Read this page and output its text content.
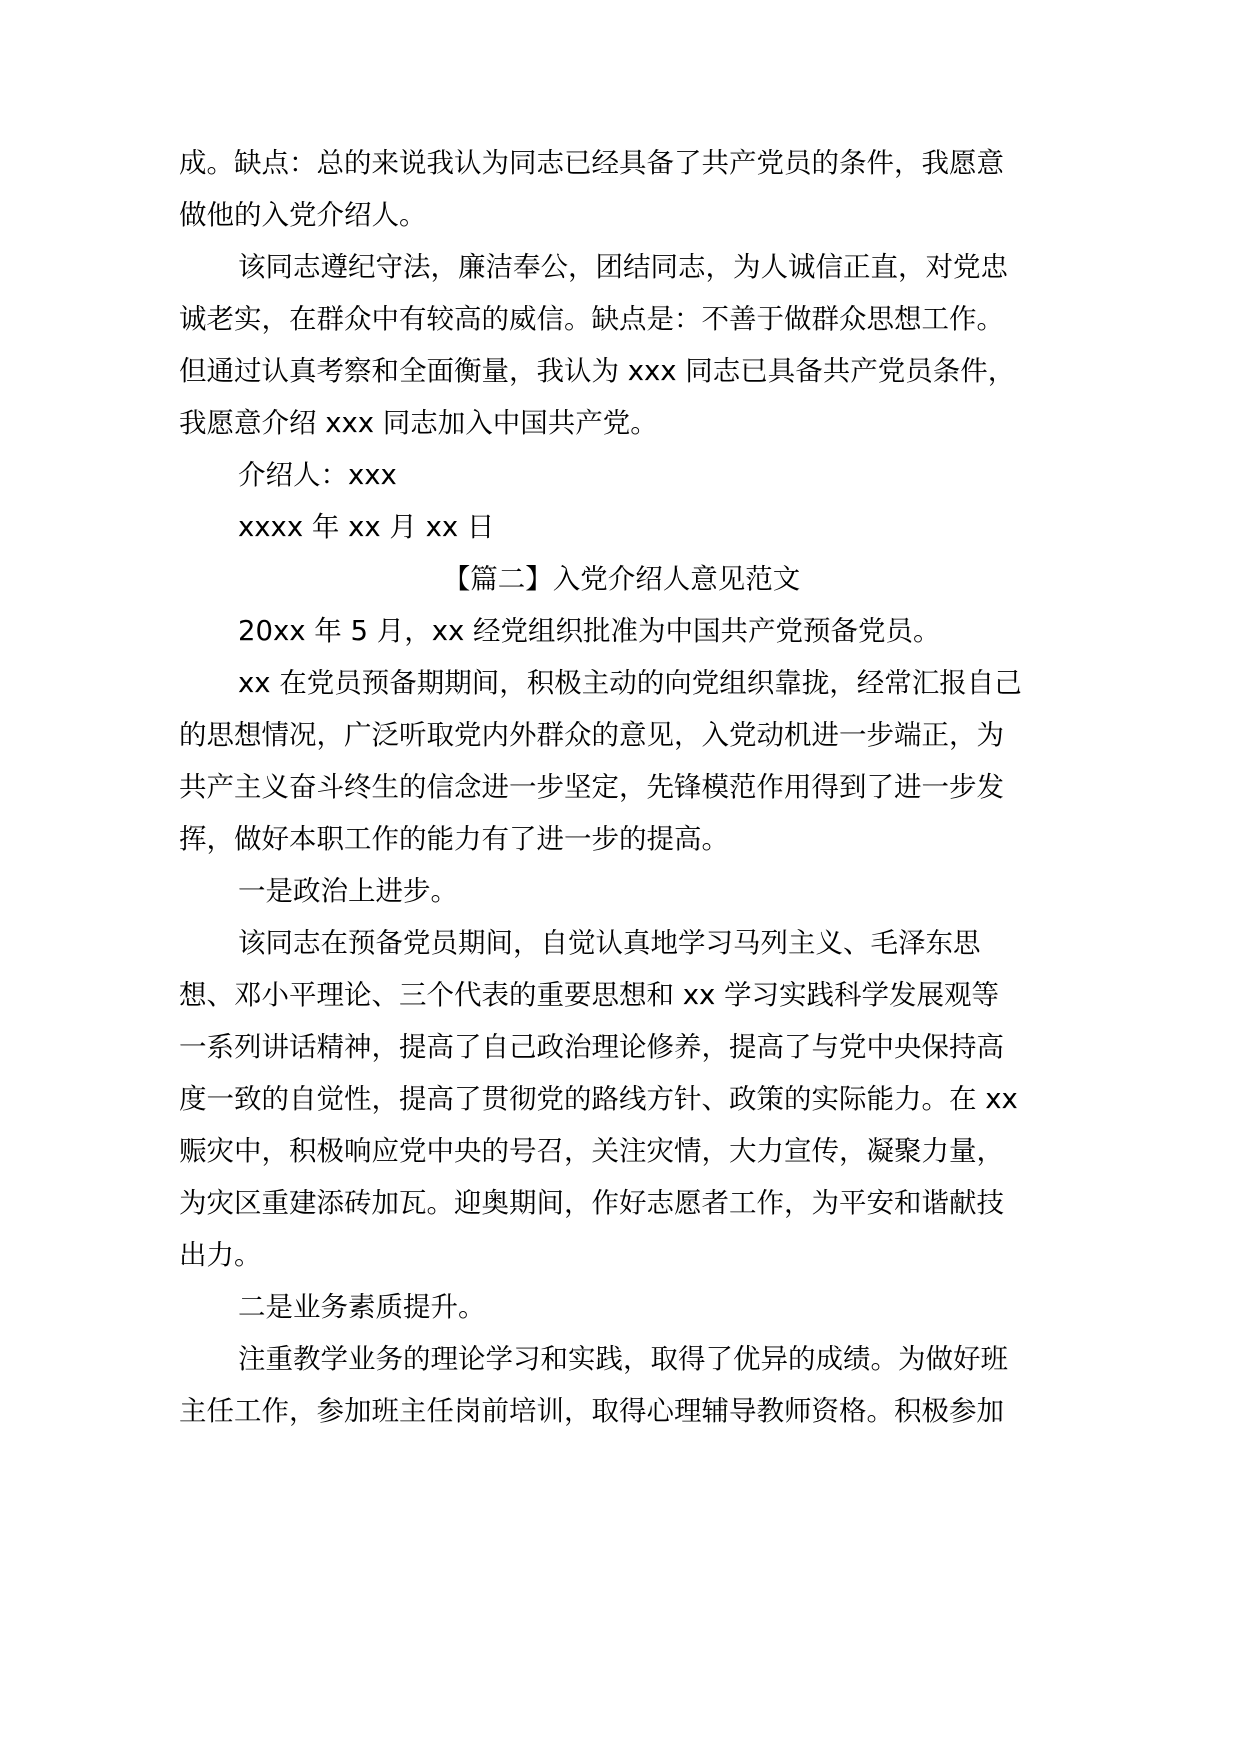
成。缺点：总的来说我认为同志已经具备了共产党员的条件，我愿意
做他的入党介绍人。
该同志遵纪守法，廉洁奉公，团结同志，为人诚信正直，对党忠
诚老实，在群众中有较高的威信。缺点是：不善于做群众思想工作。
但通过认真考察和全面衡量，我认为 xxx 同志已具备共产党员条件，
我愿意介绍 xxx 同志加入中国共产党。
介绍人：xxx
xxxx 年 xx 月 xx 日
【篇二】入党介绍人意见范文
20xx 年 5 月，xx 经党组织批准为中国共产党预备党员。
xx 在党员预备期期间，积极主动的向党组织靠拢，经常汇报自己
的思想情况，广泛听取党内外群众的意见，入党动机进一步端正，为
共产主义奋斗终生的信念进一步坚定，先锋模范作用得到了进一步发
挥，做好本职工作的能力有了进一步的提高。
一是政治上进步。
该同志在预备党员期间，自觉认真地学习马列主义、毛泽东思
想、邓小平理论、三个代表的重要思想和 xx 学习实践科学发展观等
一系列讲话精神，提高了自己政治理论修养，提高了与党中央保持高
度一致的自觉性，提高了贯彻党的路线方针、政策的实际能力。在 xx
赈灾中，积极响应党中央的号召，关注灾情，大力宣传，凝聚力量，
为灾区重建添砖加瓦。迎奥期间，作好志愿者工作，为平安和谐献技
出力。
二是业务素质提升。
注重教学业务的理论学习和实践，取得了优异的成绩。为做好班
主任工作，参加班主任岗前培训，取得心理辅导教师资格。积极参加
